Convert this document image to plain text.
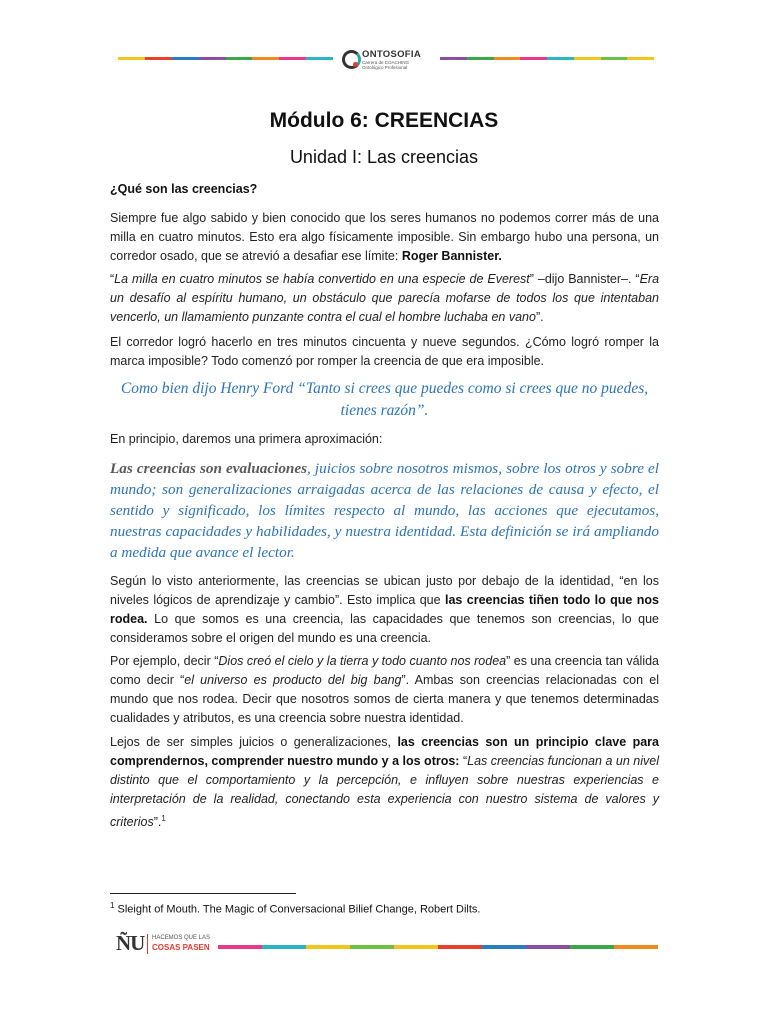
ONTOSOFIA
Carrera de COACHING
Ontológico Profesional
Módulo 6: CREENCIAS
Unidad I: Las creencias
¿Qué son las creencias?

Siempre fue algo sabido y bien conocido que los seres humanos no podemos correr más de una milla en cuatro minutos. Esto era algo físicamente imposible. Sin embargo hubo una persona, un corredor osado, que se atrevió a desafiar ese límite: Roger Bannister.

“La milla en cuatro minutos se había convertido en una especie de Everest” –dijo Bannister–. “Era un desafío al espíritu humano, un obstáculo que parecía mofarse de todos los que intentaban vencerlo, un llamamiento punzante contra el cual el hombre luchaba en vano”.

El corredor logró hacerlo en tres minutos cincuenta y nueve segundos. ¿Cómo logró romper la marca imposible? Todo comenzó por romper la creencia de que era imposible.

Como bien dijo Henry Ford “Tanto si crees que puedes como si crees que no puedes, tienes razón”.

En principio, daremos una primera aproximación:

Las creencias son evaluaciones, juicios sobre nosotros mismos, sobre los otros y sobre el mundo; son generalizaciones arraigadas acerca de las relaciones de causa y efecto, el sentido y significado, los límites respecto al mundo, las acciones que ejecutamos, nuestras capacidades y habilidades, y nuestra identidad. Esta definición se irá ampliando a medida que avance el lector.

Según lo visto anteriormente, las creencias se ubican justo por debajo de la identidad, “en los niveles lógicos de aprendizaje y cambio”. Esto implica que las creencias tiñen todo lo que nos rodea. Lo que somos es una creencia, las capacidades que tenemos son creencias, lo que consideramos sobre el origen del mundo es una creencia.

Por ejemplo, decir “Dios creó el cielo y la tierra y todo cuanto nos rodea” es una creencia tan válida como decir “el universo es producto del big bang”. Ambas son creencias relacionadas con el mundo que nos rodea. Decir que nosotros somos de cierta manera y que tenemos determinadas cualidades y atributos, es una creencia sobre nuestra identidad.

Lejos de ser simples juicios o generalizaciones, las creencias son un principio clave para comprendernos, comprender nuestro mundo y a los otros: “Las creencias funcionan a un nivel distinto que el comportamiento y la percepción, e influyen sobre nuestras experiencias e interpretación de la realidad, conectando esta experiencia con nuestro sistema de valores y criterios”.$^1$

$^1$ Sleight of Mouth. The Magic of Conversacional Bilief Change, Robert Dilts.

ÑU HACEMOS QUE LAS
COSAS PASEN
